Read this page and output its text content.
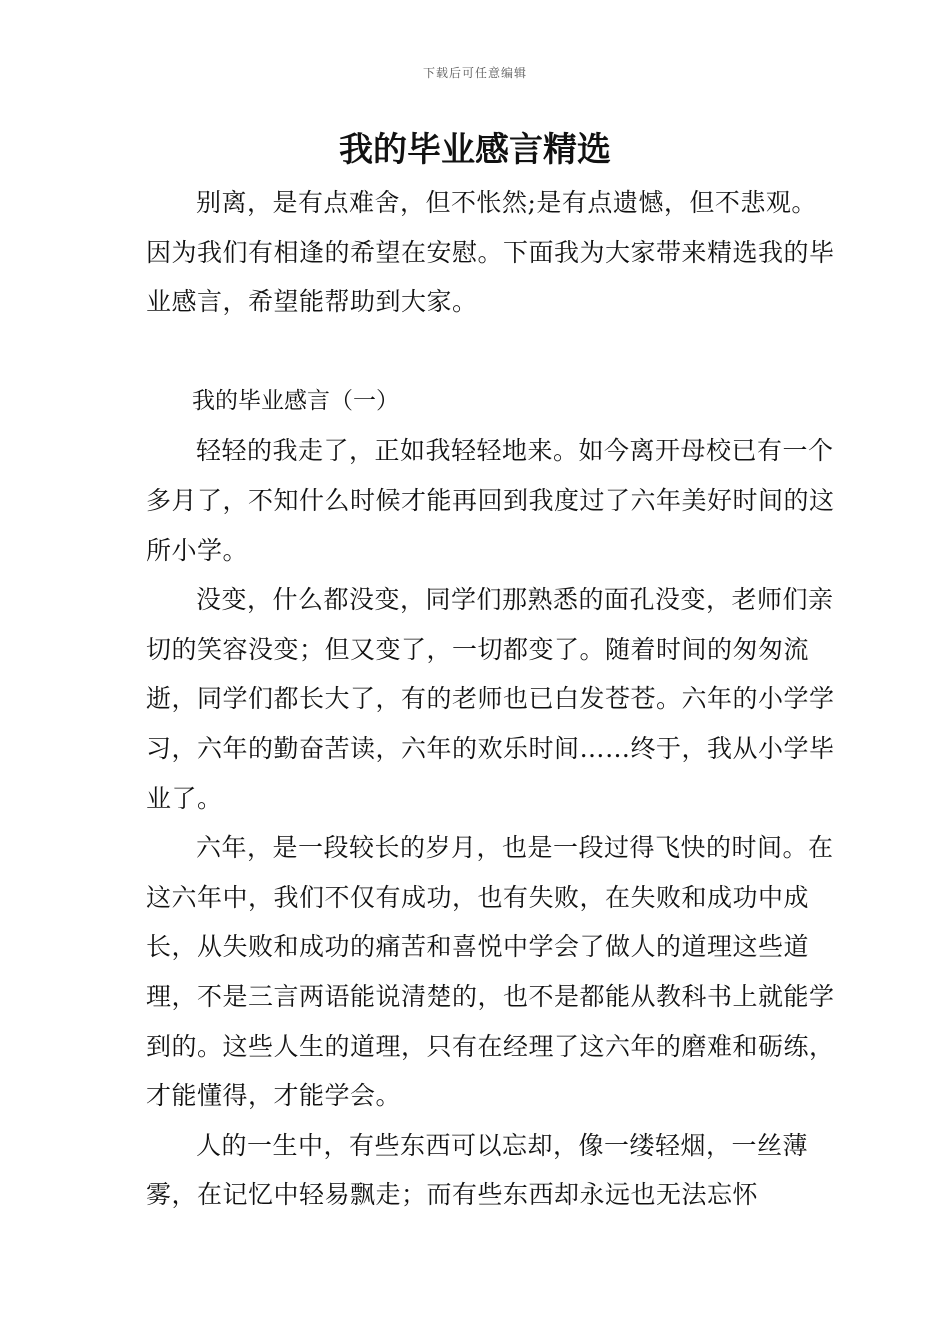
下载后可任意编辑
我的毕业感言精选

别离，是有点难舍，但不怅然;是有点遗憾，但不悲观。因为我们有相逢的希望在安慰。下面我为大家带来精选我的毕业感言，希望能帮助到大家。

我的毕业感言（一）

轻轻的我走了，正如我轻轻地来。如今离开母校已有一个多月了，不知什么时候才能再回到我度过了六年美好时间的这所小学。

没变，什么都没变，同学们那熟悉的面孔没变，老师们亲切的笑容没变；但又变了，一切都变了。随着时间的匆匆流逝，同学们都长大了，有的老师也已白发苍苍。六年的小学学习，六年的勤奋苦读，六年的欢乐时间……终于，我从小学毕业了。

六年，是一段较长的岁月，也是一段过得飞快的时间。在这六年中，我们不仅有成功，也有失败，在失败和成功中成长，从失败和成功的痛苦和喜悦中学会了做人的道理这些道理，不是三言两语能说清楚的，也不是都能从教科书上就能学到的。这些人生的道理，只有在经理了这六年的磨难和砺练，才能懂得，才能学会。

人的一生中，有些东西可以忘却，像一缕轻烟，一丝薄雾，在记忆中轻易飘走；而有些东西却永远也无法忘怀
